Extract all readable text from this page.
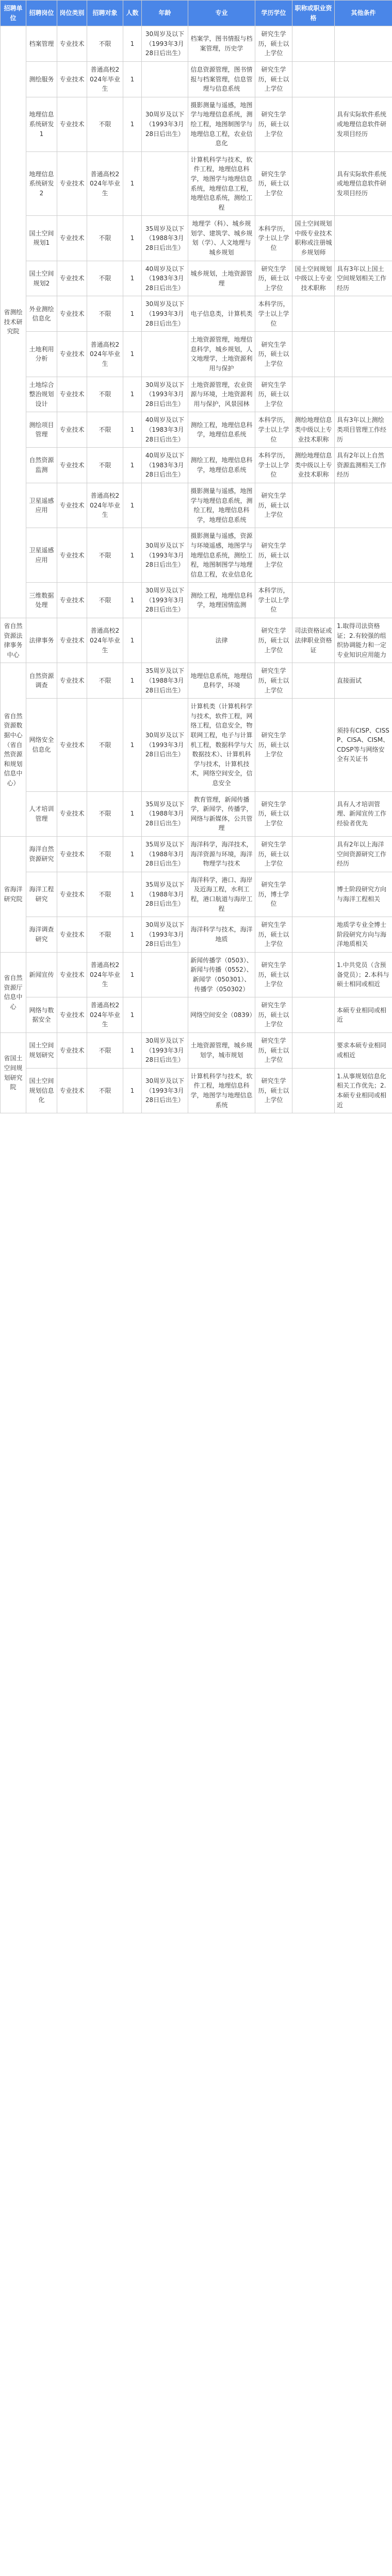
招聘单位	招聘岗位	岗位类别	招聘对象	人数	年龄	专业	学历学位	职称或职业资格	其他条件
省测绘技术研究院	档案管理	专业技术	不限	1	30周岁及以下（1993年3月28日后出生）	档案学，图书情报与档案管理，历史学	研究生学历，硕士以上学位		
	测绘服务	专业技术	普通高校2024年毕业生	1		信息资源管理，图书情报与档案管理，信息管理与信息系统	研究生学历，硕士以上学位		
	地理信息系统研发1	专业技术	不限	1	30周岁及以下（1993年3月28日后出生）	摄影测量与遥感，地图学与地理信息系统，测绘工程，地图制图学与地理信息工程，农业信息化	研究生学历，硕士以上学位		具有实际软件系统或地理信息软件研发项目经历
	地理信息系统研发2	专业技术	普通高校2024年毕业生	1		计算机科学与技术，软件工程，地理信息科学，地图学与地理信息系统，地理信息工程，地理信息系统，测绘工程	研究生学历，硕士以上学位		具有实际软件系统或地理信息软件研发项目经历
	国土空间规划1	专业技术	不限	1	35周岁及以下（1988年3月28日后出生）	地理学（科）、城乡规划学、建筑学、城乡规划（学）、人文地理与城乡规划	本科学历，学士以上学位	国土空间规划中级专业技术职称或注册城乡规划师	
	国土空间规划2	专业技术	不限	1	40周岁及以下（1983年3月28日后出生）	城乡规划，土地资源管理	研究生学历，硕士以上学位	国土空间规划中级以上专业技术职称	具有3年以上国土空间规划相关工作经历
	外业测绘信息化	专业技术	不限	1	30周岁及以下（1993年3月28日后出生）	电子信息类，计算机类	本科学历，学士以上学位		
	土地利用分析	专业技术	普通高校2024年毕业生	1		土地资源管理，地理信息科学，城乡规划，人文地理学，土地资源利用与保护	研究生学历，硕士以上学位		
	土地综合整治规划设计	专业技术	不限	1	30周岁及以下（1993年3月28日后出生）	土地资源管理，农业资源与环境，土地资源利用与保护，风景园林	研究生学历，硕士以上学位		
	测绘项目管理	专业技术	不限	1	40周岁及以下（1983年3月28日后出生）	测绘工程，地理信息科学，地理信息系统	本科学历，学士以上学位	测绘地理信息类中级以上专业技术职称	具有3年以上测绘类项目管理工作经历
	自然资源监测	专业技术	不限	1	40周岁及以下（1983年3月28日后出生）	测绘工程，地理信息科学，地理信息系统	本科学历，学士以上学位	测绘地理信息类中级以上专业技术职称	具有2年以上自然资源监测相关工作经历
	卫星遥感应用	专业技术	普通高校2024年毕业生	1		摄影测量与遥感，地图学与地理信息系统，测绘工程，地理信息科学，地理信息系统	研究生学历，硕士以上学位		
	卫星遥感应用	专业技术	不限	1	30周岁及以下（1993年3月28日后出生）	摄影测量与遥感，资源与环境遥感，地图学与地理信息系统，测绘工程，地图制图学与地理信息工程，农业信息化	研究生学历，硕士以上学位		
	三维数据处理	专业技术	不限	1	30周岁及以下（1993年3月28日后出生）	测绘工程，地理信息科学，地理国情监测	本科学历，学士以上学位		
省自然资源法律事务中心	法律事务	专业技术	普通高校2024年毕业生	1		法律	研究生学历，硕士以上学位	司法资格证或法律职业资格证	1.取得司法资格证；2.有较强的组织协调能力和一定专业知识应用能力
省自然资源数据中心（省自然资源和规划信息中心）	自然资源调查	专业技术	不限	1	35周岁及以下（1988年3月28日后出生）	地理信息系统，地理信息科学，环境	研究生学历，硕士以上学位		直接面试
	网络安全信息化	专业技术	不限	1	30周岁及以下（1993年3月28日后出生）	计算机类（计算机科学与技术，软件工程，网络工程，信息安全，物联网工程，电子与计算机工程，数据科学与大数据技术）、计算机科学与技术，计算机技术，网络空间安全，信息安全	研究生学历，硕士以上学位		须持有CISP、CISSP、CISA、CISM、CDSP等与网络安全有关证书
	人才培训管理	专业技术	不限	1	35周岁及以下（1988年3月28日后出生）	教育管理，新闻传播学，新闻学，传播学，网络与新媒体，公共管理	研究生学历，硕士以上学位		具有人才培训管理、新闻宣传工作经验者优先
省海洋研究院	海洋自然资源研究	专业技术	不限	1	35周岁及以下（1988年3月28日后出生）	海洋科学，海洋技术，海洋资源与环境，海洋物理学与技术	研究生学历，硕士以上学位		具有2年以上海洋空间资源研究工作经历
	海洋工程研究	专业技术	不限	1	35周岁及以下（1988年3月28日后出生）	海洋科学，港口、海岸及近海工程，水利工程，港口航道与海岸工程	研究生学历，博士学位		博士阶段研究方向与海洋工程相关
	海洋调查研究	专业技术	不限	1	30周岁及以下（1993年3月28日后出生）	海洋科学与技术，海洋地质	研究生学历，硕士以上学位		地质学专业全博士阶段研究方向与海洋地质相关
省自然资源厅信息中心	新闻宣传	专业技术	普通高校2024年毕业生	1		新闻传播学（0503）、新闻与传播（0552）、新闻学（050301）、传播学（050302）	研究生学历，硕士以上学位		1.中共党员（含预备党员）；2.本科与硕士相同或相近
	网络与数据安全	专业技术	普通高校2024年毕业生	1		网络空间安全（0839）	研究生学历，硕士以上学位		本硕专业相同或相近
省国土空间规划研究院	国土空间规划研究	专业技术	不限	1	30周岁及以下（1993年3月28日后出生）	土地资源管理，城乡规划学，城市规划	研究生学历，硕士以上学位		要求本硕专业相同或相近
	国土空间规划信息化	专业技术	不限	1	30周岁及以下（1993年3月28日后出生）	计算机科学与技术，软件工程，地理信息科学，地图学与地理信息系统	研究生学历，硕士以上学位		1.从事规划信息化相关工作优先；2.本硕专业相同或相近
